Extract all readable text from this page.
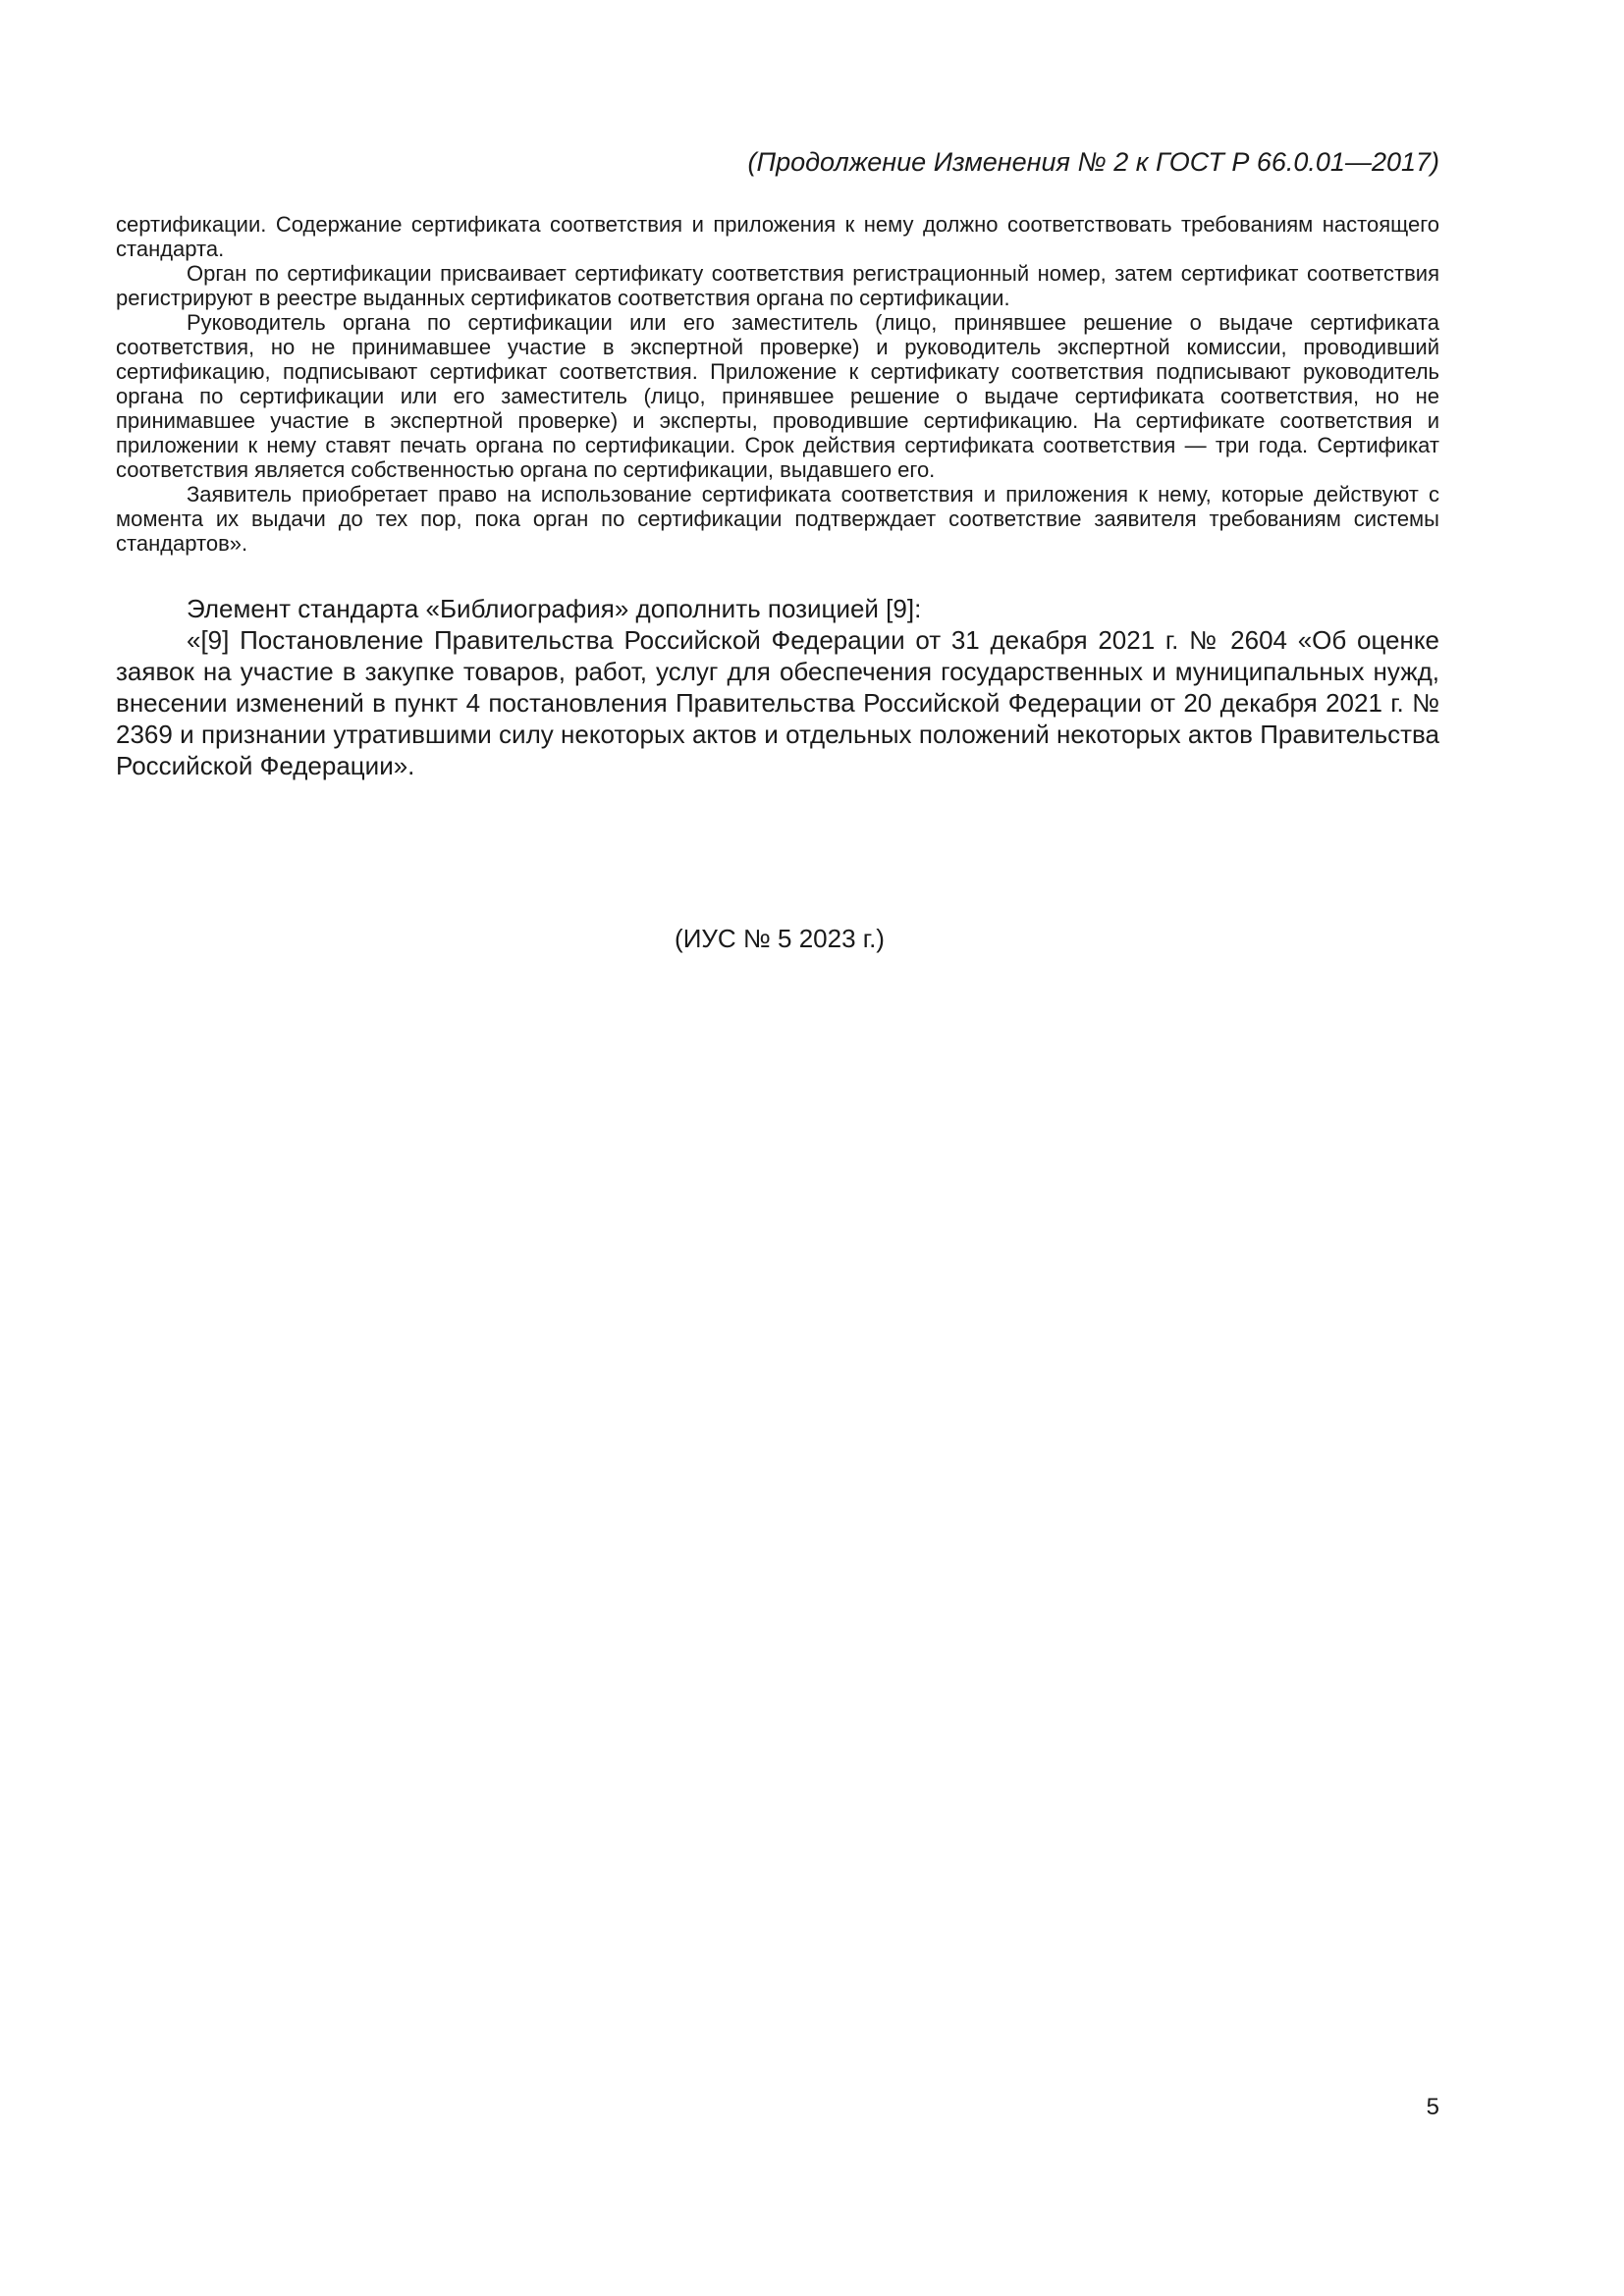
(Продолжение Изменения № 2 к ГОСТ Р 66.0.01—2017)

сертификации. Содержание сертификата соответствия и приложения к нему должно соответствовать требованиям настоящего стандарта.

Орган по сертификации присваивает сертификату соответствия регистрационный номер, затем сертификат соответствия регистрируют в реестре выданных сертификатов соответствия органа по сертификации.

Руководитель органа по сертификации или его заместитель (лицо, принявшее решение о выдаче сертификата соответствия, но не принимавшее участие в экспертной проверке) и руководитель экспертной комиссии, проводивший сертификацию, подписывают сертификат соответствия. Приложение к сертификату соответствия подписывают руководитель органа по сертификации или его заместитель (лицо, принявшее решение о выдаче сертификата соответствия, но не принимавшее участие в экспертной проверке) и эксперты, проводившие сертификацию. На сертификате соответствия и приложении к нему ставят печать органа по сертификации. Срок действия сертификата соответствия — три года. Сертификат соответствия является собственностью органа по сертификации, выдавшего его.

Заявитель приобретает право на использование сертификата соответствия и приложения к нему, которые действуют с момента их выдачи до тех пор, пока орган по сертификации подтверждает соответствие заявителя требованиям системы стандартов».

Элемент стандарта «Библиография» дополнить позицией [9]:

«[9] Постановление Правительства Российской Федерации от 31 декабря 2021 г. № 2604 «Об оценке заявок на участие в закупке товаров, работ, услуг для обеспечения государственных и муниципальных нужд, внесении изменений в пункт 4 постановления Правительства Российской Федерации от 20 декабря 2021 г. № 2369 и признании утратившими силу некоторых актов и отдельных положений некоторых актов Правительства Российской Федерации».

(ИУС № 5 2023 г.)
5
